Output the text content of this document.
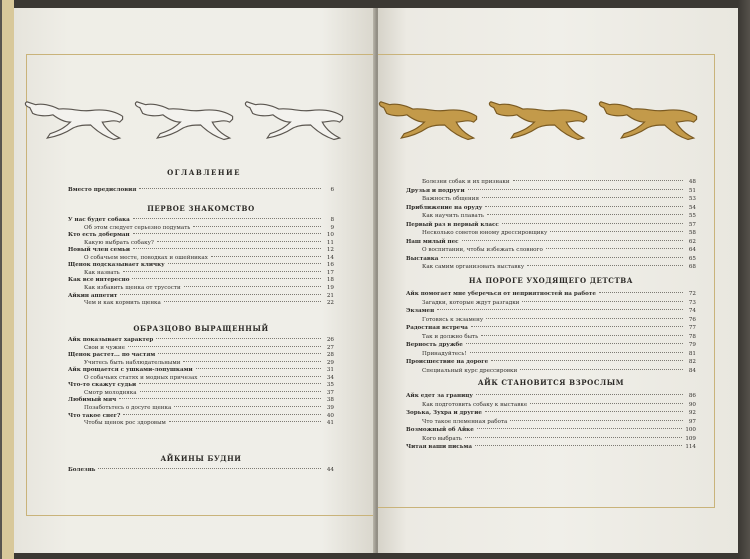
ОГЛАВЛЕНИЕ
Вместо предисловия	6
ПЕРВОЕ ЗНАКОМСТВО
У нас будет собака	8
Об этом следует серьезно подумать	9
Кто есть доберман	10
Какую выбрать собаку?	11
Новый член семьи	12
О собачьем месте, поводках и ошейниках	14
Щенок подсказывает кличку	16
Как назвать	17
Как все интересно	18
Как избавить щенка от трусости	19
Айкин аппетит	21
Чем и как кормить щенка	22
ОБРАЗЦОВО ВЫРАЩЕННЫЙ
Айк показывает характер	26
Свои и чужие	27
Щенок растет... по частям	28
Учитесь быть наблюдательными	29
Айк прощается с ушками-лопушками	31
О собачьих статях и модных причезах	34
Что-то скажут судьи	35
Смотр молодняка	37
Любимый мяч	38
Позаботьтесь о досуге щенка	39
Что такое снег?	40
Чтобы щенок рос здоровым	41
АЙКИНЫ БУДНИ
Болезнь	44
Болезни собак и их признаки	48
Друзья и подруги	51
Важность общения	53
Приближение на оруду	54
Как научить плавать	55
Первый раз в первый класс	57
Несколько советов юному дрессировщику	58
Наш милый пес	62
О воспитании, чтобы избежать словного	64
Выставка	65
Как самим организовать выставку	68
НА ПОРОГЕ УХОДЯЩЕГО ДЕТСТВА
Айк помогает мне уберечься от неприятностей на работе	72
Загадки, которые ждут разгадки	73
Экзамен	74
Готовясь к экзамену	76
Радостная встреча	77
Так и должно быть	78
Верность дружбе	79
Принадуйтесь!	81
Происшествие на дороге	82
Специальный курс дрессировки	84
АЙК СТАНОВИТСЯ ВЗРОСЛЫМ
Айк едет за границу	86
Как подготовить собаку к выставке	90
Зорька, Зухра и другие	92
Что такое племенная работа	97
Возможный об Айке	100
Кого выбрать	109
Читая ваши письма	114
